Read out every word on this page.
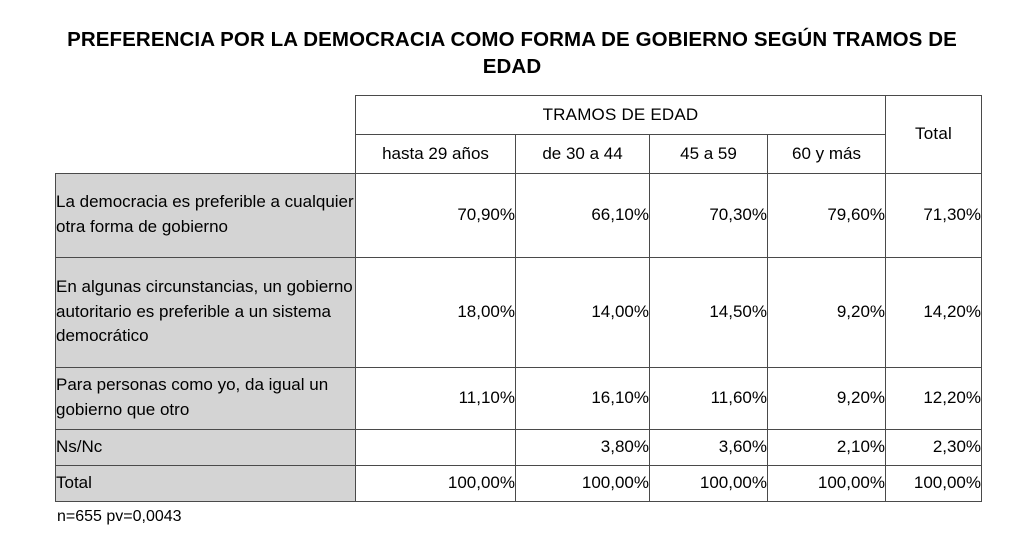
PREFERENCIA POR LA DEMOCRACIA COMO FORMA DE GOBIERNO SEGÚN TRAMOS DE EDAD
	TRAMOS DE EDAD				Total
	hasta 29 años	de 30 a 44	45 a 59	60 y más	
La democracia es preferible a cualquier otra forma de gobierno	70,90%	66,10%	70,30%	79,60%	71,30%
En algunas circunstancias, un gobierno autoritario es preferible a un sistema democrático	18,00%	14,00%	14,50%	9,20%	14,20%
Para personas como yo, da igual un gobierno que otro	11,10%	16,10%	11,60%	9,20%	12,20%
Ns/Nc		3,80%	3,60%	2,10%	2,30%
Total	100,00%	100,00%	100,00%	100,00%	100,00%
n=655 pv=0,0043
